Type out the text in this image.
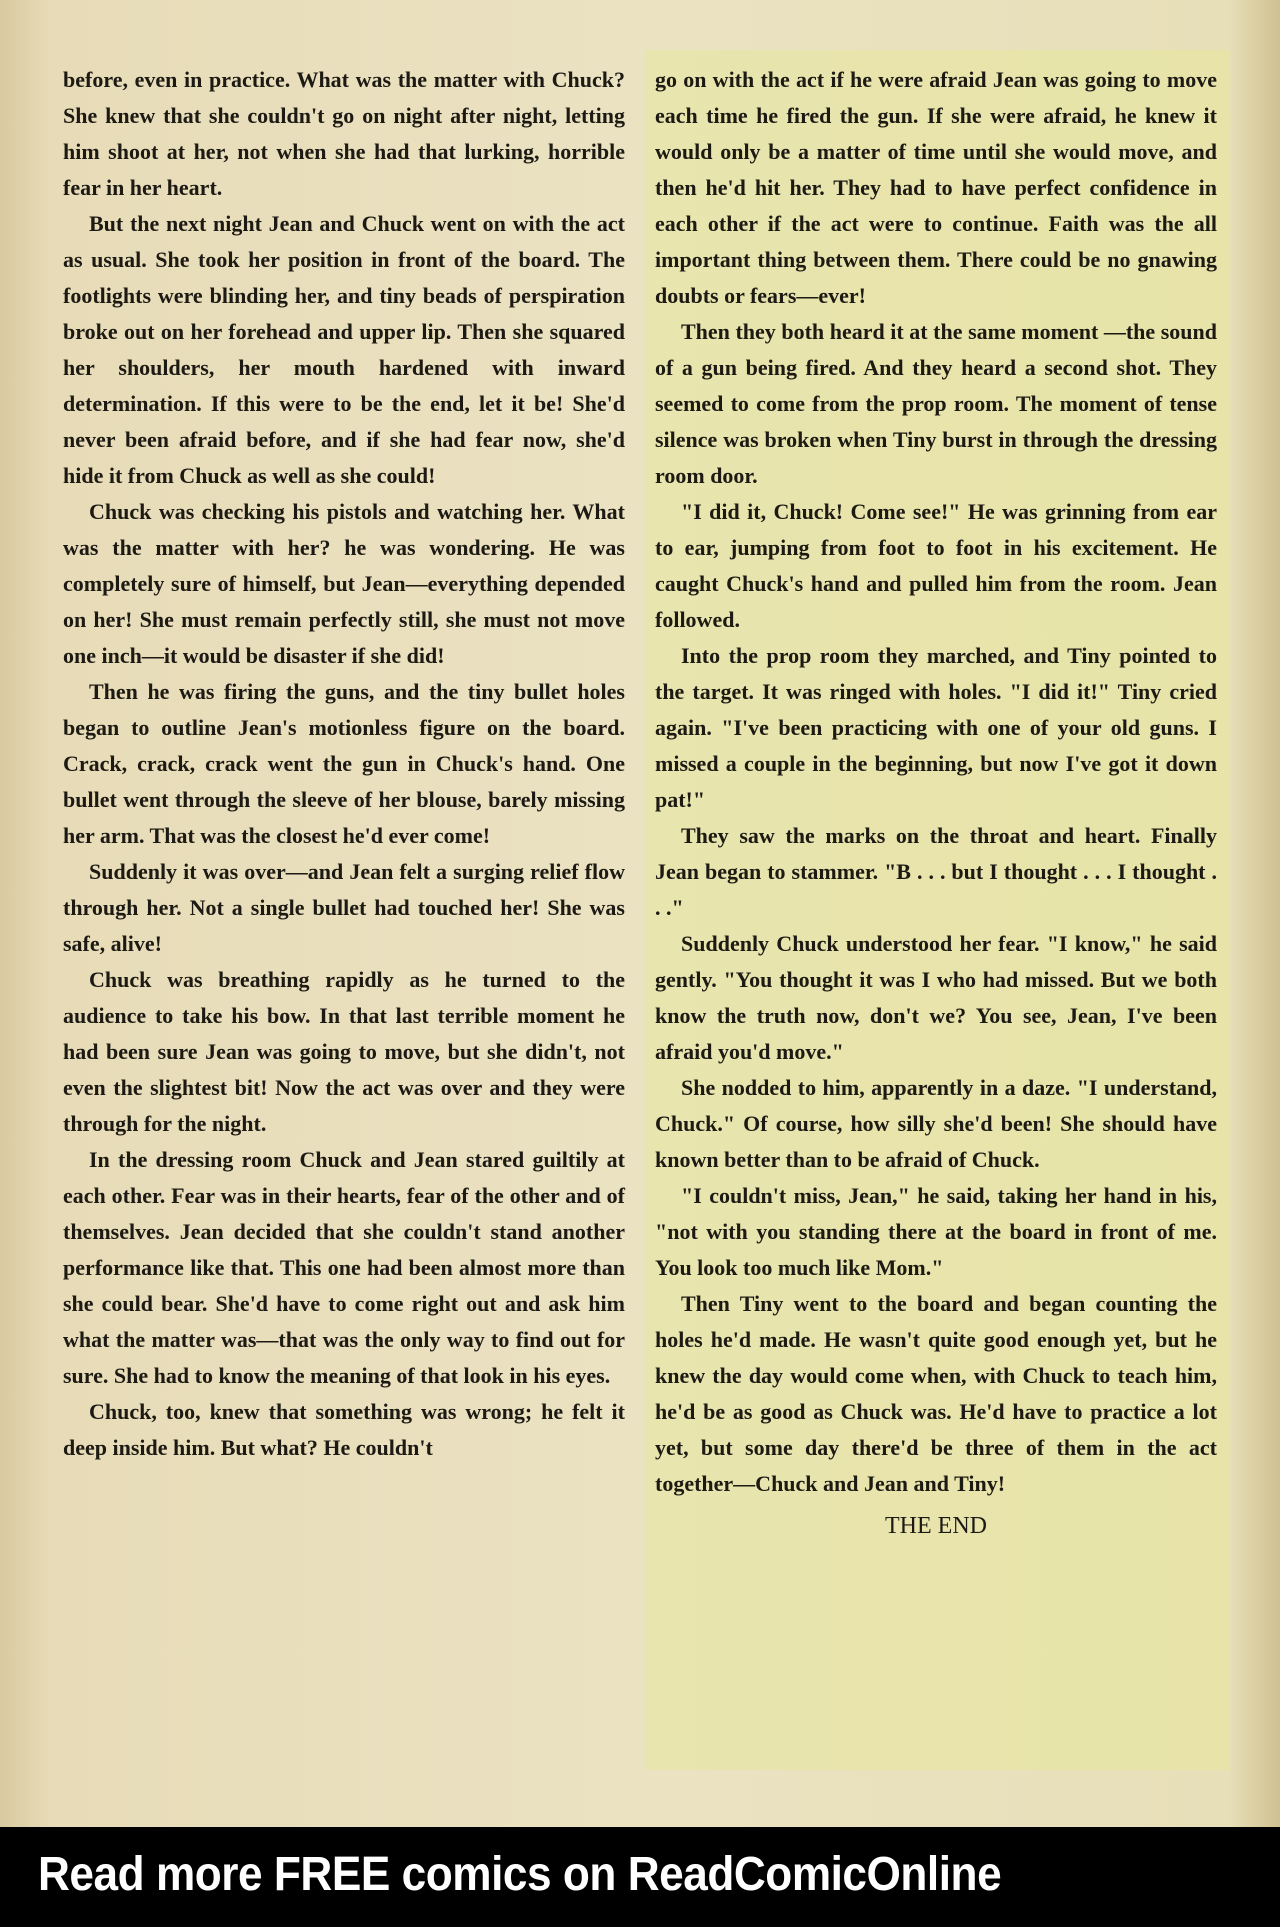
before, even in practice. What was the matter with Chuck? She knew that she couldn't go on night after night, letting him shoot at her, not when she had that lurking, horrible fear in her heart.

But the next night Jean and Chuck went on with the act as usual. She took her position in front of the board. The footlights were blinding her, and tiny beads of perspiration broke out on her forehead and upper lip. Then she squared her shoulders, her mouth hardened with inward determination. If this were to be the end, let it be! She'd never been afraid before, and if she had fear now, she'd hide it from Chuck as well as she could!

Chuck was checking his pistols and watching her. What was the matter with her? he was wondering. He was completely sure of himself, but Jean—everything depended on her! She must remain perfectly still, she must not move one inch—it would be disaster if she did!

Then he was firing the guns, and the tiny bullet holes began to outline Jean's motionless figure on the board. Crack, crack, crack went the gun in Chuck's hand. One bullet went through the sleeve of her blouse, barely missing her arm. That was the closest he'd ever come!

Suddenly it was over—and Jean felt a surging relief flow through her. Not a single bullet had touched her! She was safe, alive!

Chuck was breathing rapidly as he turned to the audience to take his bow. In that last terrible moment he had been sure Jean was going to move, but she didn't, not even the slightest bit! Now the act was over and they were through for the night.

In the dressing room Chuck and Jean stared guiltily at each other. Fear was in their hearts, fear of the other and of themselves. Jean decided that she couldn't stand another performance like that. This one had been almost more than she could bear. She'd have to come right out and ask him what the matter was—that was the only way to find out for sure. She had to know the meaning of that look in his eyes.

Chuck, too, knew that something was wrong; he felt it deep inside him. But what? He couldn't

go on with the act if he were afraid Jean was going to move each time he fired the gun. If she were afraid, he knew it would only be a matter of time until she would move, and then he'd hit her. They had to have perfect confidence in each other if the act were to continue. Faith was the all important thing between them. There could be no gnawing doubts or fears—ever!

Then they both heard it at the same moment —the sound of a gun being fired. And they heard a second shot. They seemed to come from the prop room. The moment of tense silence was broken when Tiny burst in through the dressing room door.

"I did it, Chuck! Come see!" He was grinning from ear to ear, jumping from foot to foot in his excitement. He caught Chuck's hand and pulled him from the room. Jean followed.

Into the prop room they marched, and Tiny pointed to the target. It was ringed with holes. "I did it!" Tiny cried again. "I've been practicing with one of your old guns. I missed a couple in the beginning, but now I've got it down pat!"

They saw the marks on the throat and heart. Finally Jean began to stammer. "B . . . but I thought . . . I thought . . ."

Suddenly Chuck understood her fear. "I know," he said gently. "You thought it was I who had missed. But we both know the truth now, don't we? You see, Jean, I've been afraid you'd move."

She nodded to him, apparently in a daze. "I understand, Chuck." Of course, how silly she'd been! She should have known better than to be afraid of Chuck.

"I couldn't miss, Jean," he said, taking her hand in his, "not with you standing there at the board in front of me. You look too much like Mom."

Then Tiny went to the board and began counting the holes he'd made. He wasn't quite good enough yet, but he knew the day would come when, with Chuck to teach him, he'd be as good as Chuck was. He'd have to practice a lot yet, but some day there'd be three of them in the act together—Chuck and Jean and Tiny!

THE END

Read more FREE comics on ReadComicOnline
